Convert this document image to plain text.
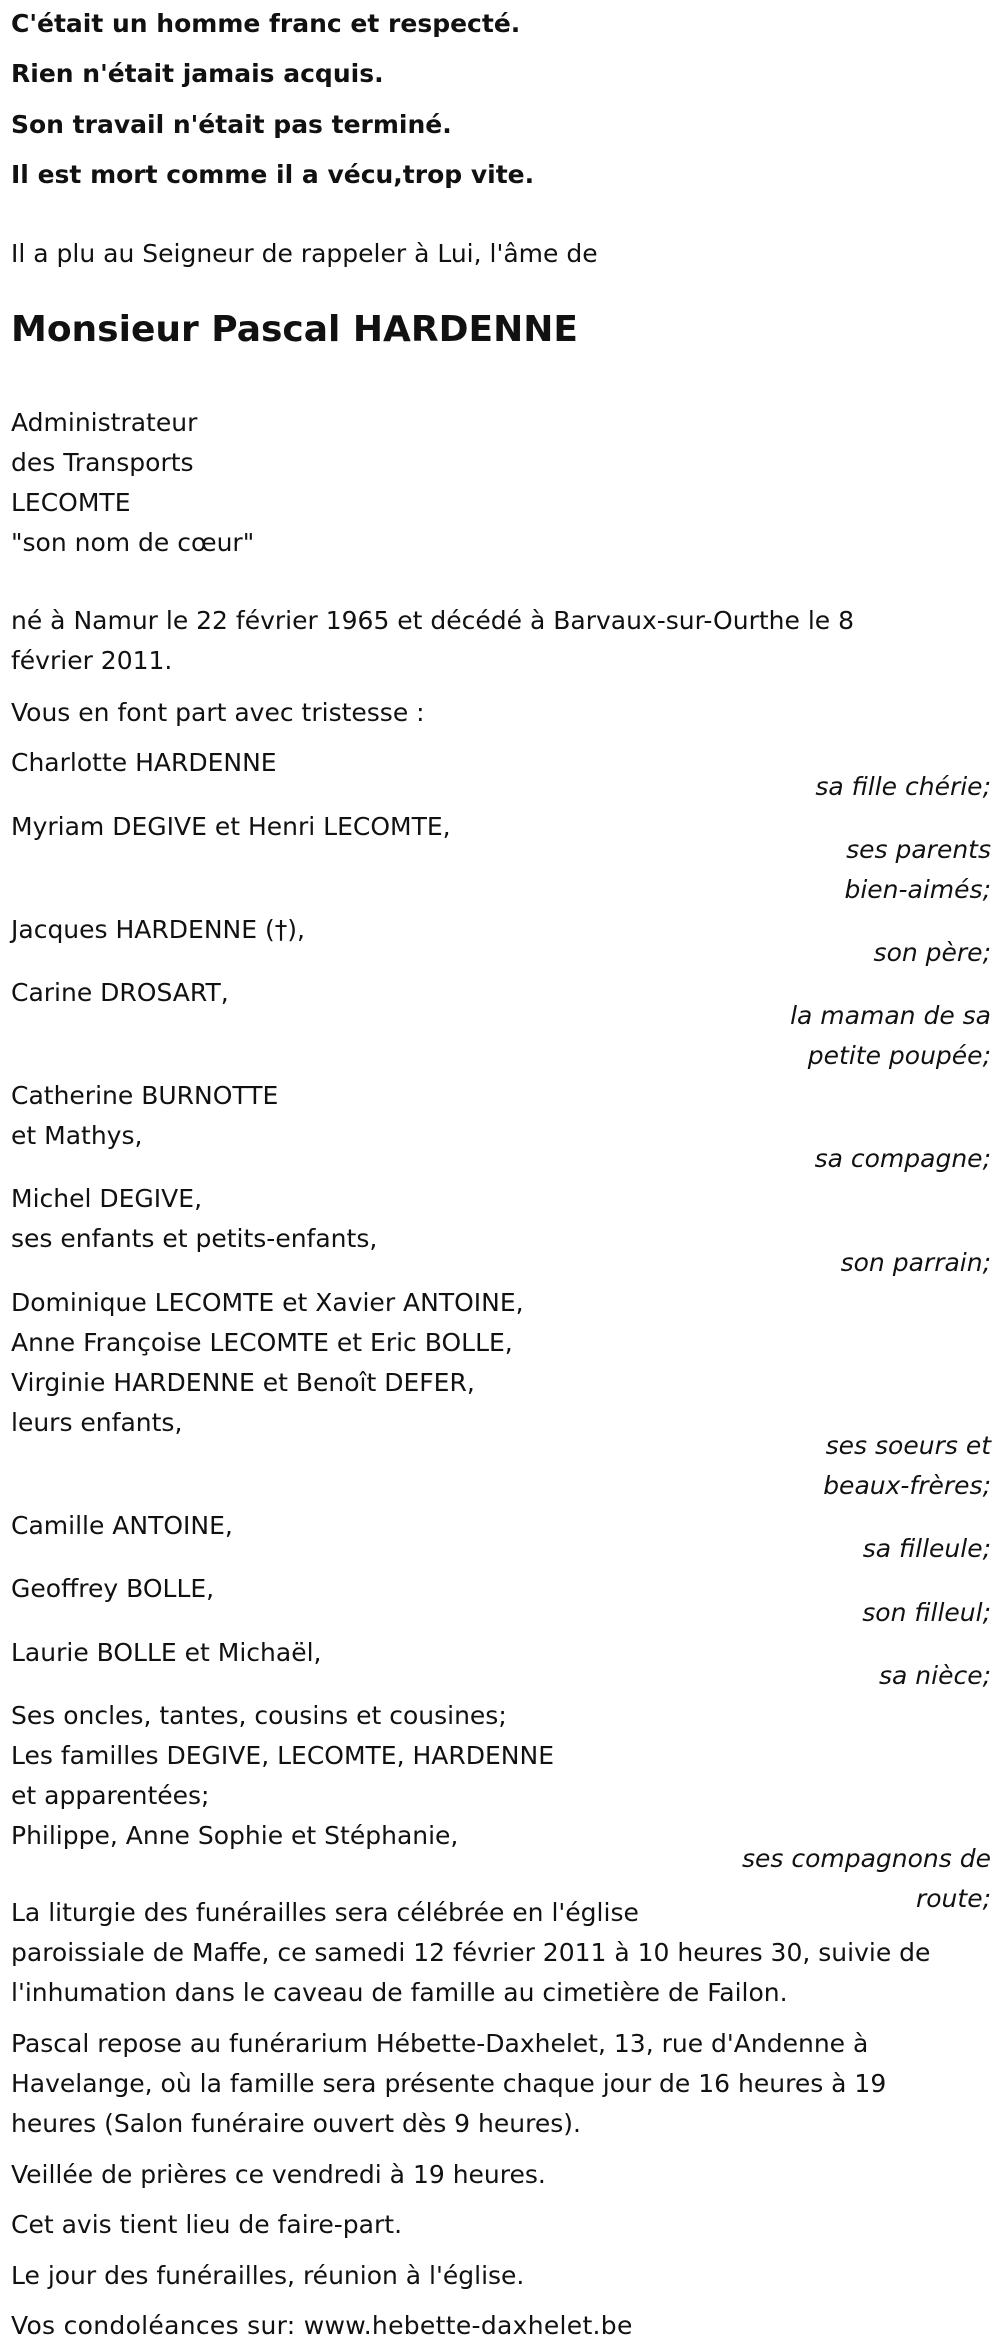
C'était un homme franc et respecté.
Rien n'était jamais acquis.
Son travail n'était pas terminé.
Il est mort comme il a vécu,trop vite.
Il a plu au Seigneur de rappeler à Lui, l'âme de
Monsieur Pascal HARDENNE
Administrateur
des Transports
LECOMTE
"son nom de cœur"
né à Namur le 22 février 1965 et décédé à Barvaux-sur-Ourthe le 8
février 2011.
Vous en font part avec tristesse :
Charlotte HARDENNE
sa fille chérie;
Myriam DEGIVE et Henri LECOMTE,
ses parents
bien-aimés;
Jacques HARDENNE (†),
son père;
Carine DROSART,
la maman de sa
petite poupée;
Catherine BURNOTTE
et Mathys,
sa compagne;
Michel DEGIVE,
ses enfants et petits-enfants,
son parrain;
Dominique LECOMTE et Xavier ANTOINE,
Anne Françoise LECOMTE et Eric BOLLE,
Virginie HARDENNE et Benoît DEFER,
leurs enfants,
ses soeurs et
beaux-frères;
Camille ANTOINE,
sa filleule;
Geoffrey BOLLE,
son filleul;
Laurie BOLLE et Michaël,
sa nièce;
Ses oncles, tantes, cousins et cousines;
Les familles DEGIVE, LECOMTE, HARDENNE
et apparentées;
Philippe, Anne Sophie et Stéphanie,
ses compagnons de
route;
La liturgie des funérailles sera célébrée en l'église
paroissiale de Maffe, ce samedi 12 février 2011 à 10 heures 30, suivie de
l'inhumation dans le caveau de famille au cimetière de Failon.
Pascal repose au funérarium Hébette-Daxhelet, 13, rue d'Andenne à
Havelange, où la famille sera présente chaque jour de 16 heures à 19
heures (Salon funéraire ouvert dès 9 heures).
Veillée de prières ce vendredi à 19 heures.
Cet avis tient lieu de faire-part.
Le jour des funérailles, réunion à l'église.
Vos condoléances sur: www.hebette-daxhelet.be
